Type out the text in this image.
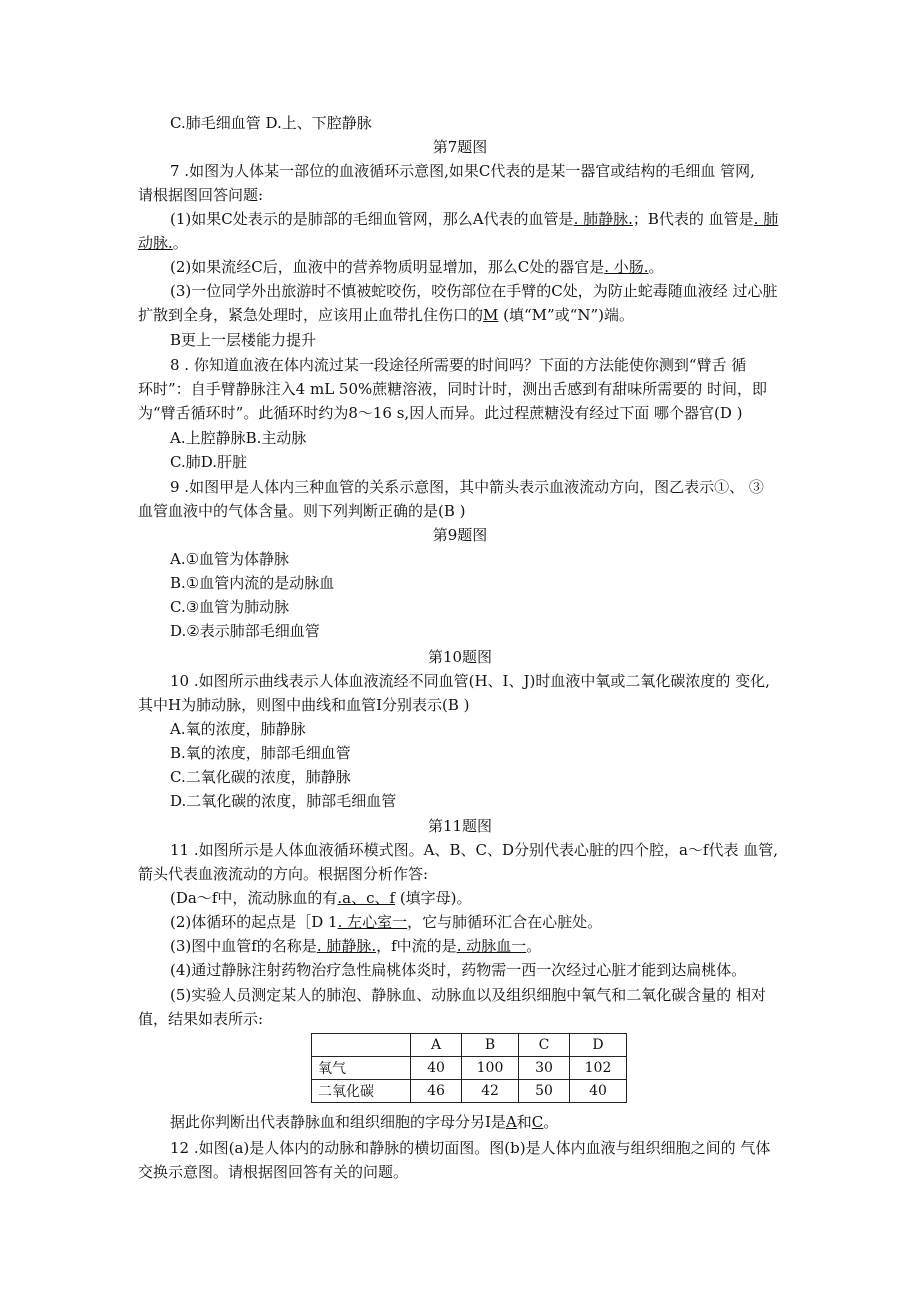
C.肺毛细血管 D.上、下腔静脉
第7题图
7 .如图为人体某一部位的血液循环示意图,如果C代表的是某一器官或结构的毛细血 管网,
请根据图回答问题:
(1)如果C处表示的是肺部的毛细血管网，那么A代表的血管是. 肺静脉.；B代表的 血管是. 肺
动脉.。
(2)如果流经C后，血液中的营养物质明显增加，那么C处的器官是. 小肠.。
(3)一位同学外出旅游时不慎被蛇咬伤，咬伤部位在手臂的C处，为防止蛇毒随血液经 过心脏
扩散到全身，紧急处理时，应该用止血带扎住伤口的M (填“M”或“N”)端。
B更上一层楼能力提升
8 . 你知道血液在体内流过某一段途径所需要的时间吗？下面的方法能使你测到“臂舌 循
环时”：自手臂静脉注入4 mL 50%蔗糖溶液，同时计时，测出舌感到有甜味所需要的 时间，即
为“臂舌循环时”。此循环时约为8～16 s,因人而异。此过程蔗糖没有经过下面 哪个器官(D )
A.上腔静脉B.主动脉
C.肺D.肝脏
9 .如图甲是人体内三种血管的关系示意图，其中箭头表示血液流动方向，图乙表示①、 ③
血管血液中的气体含量。则下列判断正确的是(B )
第9题图
A.①血管为体静脉
B.①血管内流的是动脉血
C.③血管为肺动脉
D.②表示肺部毛细血管
第10题图
10 .如图所示曲线表示人体血液流经不同血管(H、I、J)时血液中氧或二氧化碳浓度的 变化,
其中H为肺动脉，则图中曲线和血管I分别表示(B )
A.氧的浓度，肺静脉
B.氧的浓度，肺部毛细血管
C.二氧化碳的浓度，肺静脉
D.二氧化碳的浓度，肺部毛细血管
第11题图
11 .如图所示是人体血液循环模式图。A、B、C、D分别代表心脏的四个腔，a～f代表 血管,
箭头代表血液流动的方向。根据图分析作答:
(Da～f中，流动脉血的有.a、c、f (填字母)。
(2)体循环的起点是［D 1. 左心室一，它与肺循环汇合在心脏处。
(3)图中血管f的名称是. 肺静脉.，f中流的是. 动脉血一。
(4)通过静脉注射药物治疗急性扁桃体炎时，药物需一西一次经过心脏才能到达扁桃体。
(5)实验人员测定某人的肺泡、静脉血、动脉血以及组织细胞中氧气和二氧化碳含量的 相对
值，结果如表所示:
	A	B	C	D
氧气	40	100	30	102
二氧化碳	46	42	50	40
据此你判断出代表静脉血和组织细胞的字母分另I是A和C。
12 .如图(a)是人体内的动脉和静脉的横切面图。图(b)是人体内血液与组织细胞之间的 气体
交换示意图。请根据图回答有关的问题。
